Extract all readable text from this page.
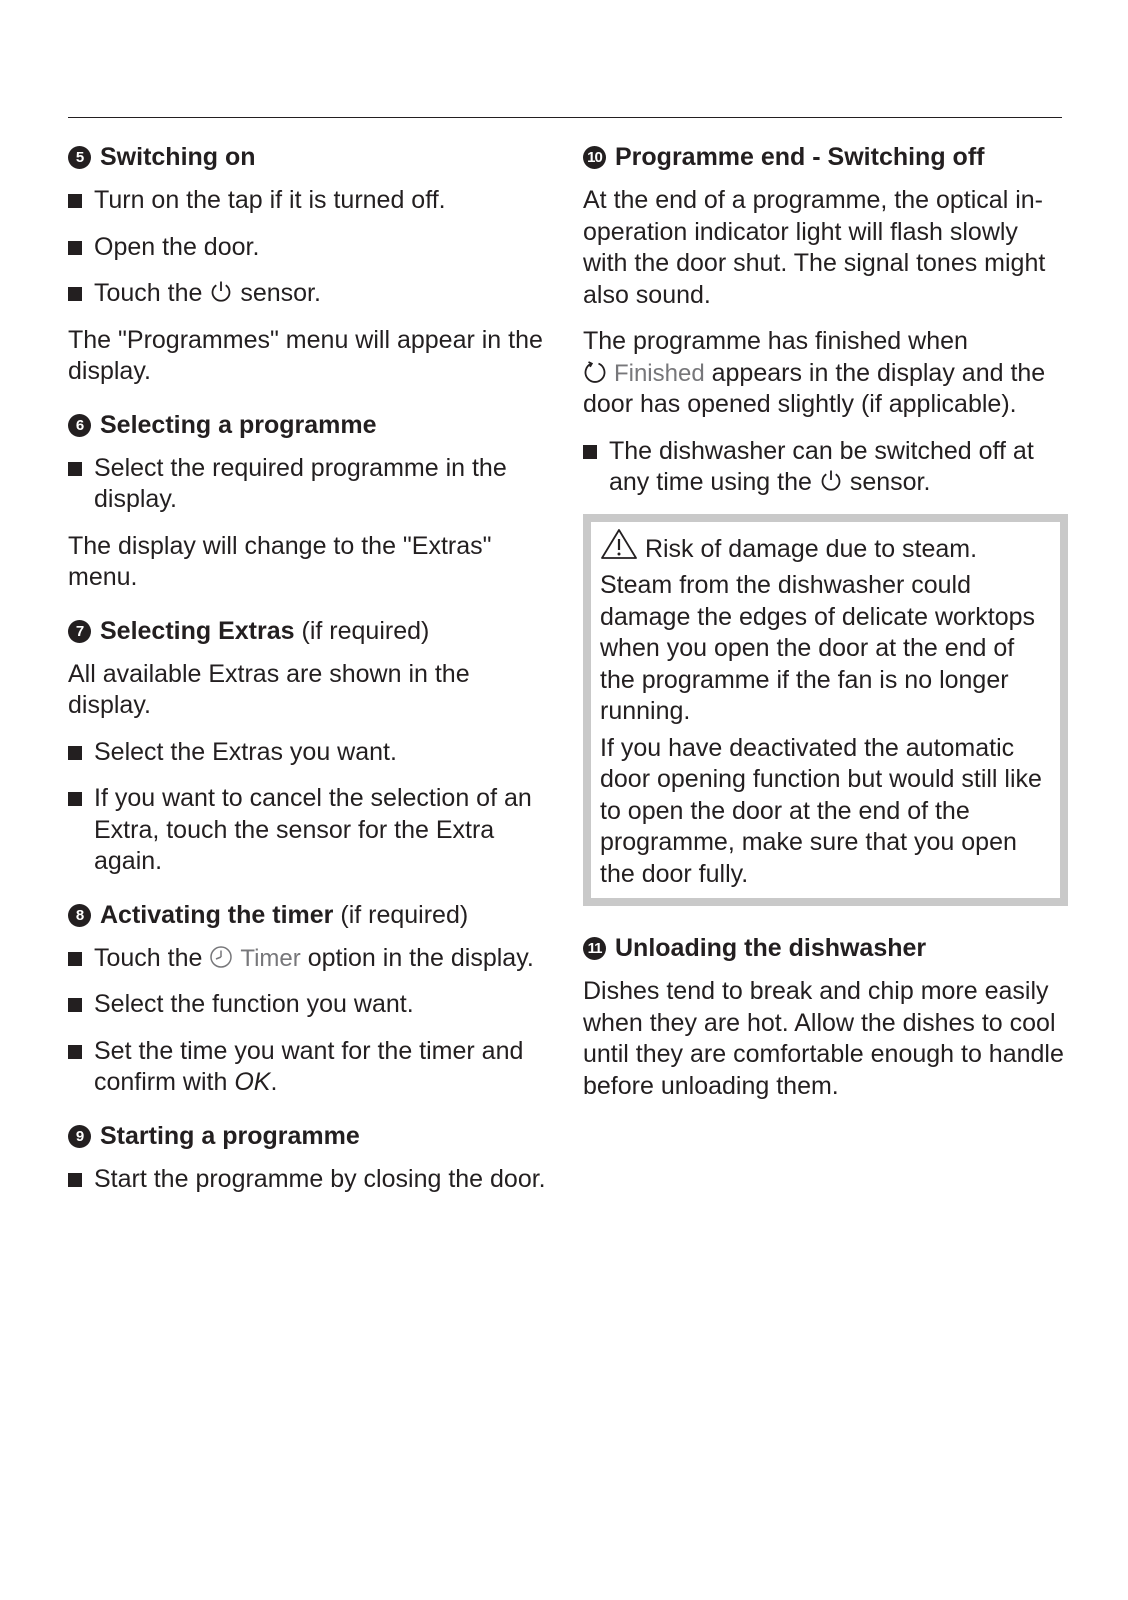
5 Switching on
Turn on the tap if it is turned off.
Open the door.
Touch the sensor.
The "Programmes" menu will appear in the display.
6 Selecting a programme
Select the required programme in the display.
The display will change to the "Extras" menu.
7 Selecting Extras (if required)
All available Extras are shown in the display.
Select the Extras you want.
If you want to cancel the selection of an Extra, touch the sensor for the Extra again.
8 Activating the timer (if required)
Touch the Timer option in the display.
Select the function you want.
Set the time you want for the timer and confirm with OK.
9 Starting a programme
Start the programme by closing the door.
10 Programme end - Switching off
At the end of a programme, the optical in-operation indicator light will flash slowly with the door shut. The signal tones might also sound.
The programme has finished when
Finished appears in the display and the door has opened slightly (if applicable).
The dishwasher can be switched off at any time using the sensor.
Risk of damage due to steam.
Steam from the dishwasher could damage the edges of delicate worktops when you open the door at the end of the programme if the fan is no longer running.
If you have deactivated the automatic door opening function but would still like to open the door at the end of the programme, make sure that you open the door fully.
11 Unloading the dishwasher
Dishes tend to break and chip more easily when they are hot. Allow the dishes to cool until they are comfortable enough to handle before unloading them.
